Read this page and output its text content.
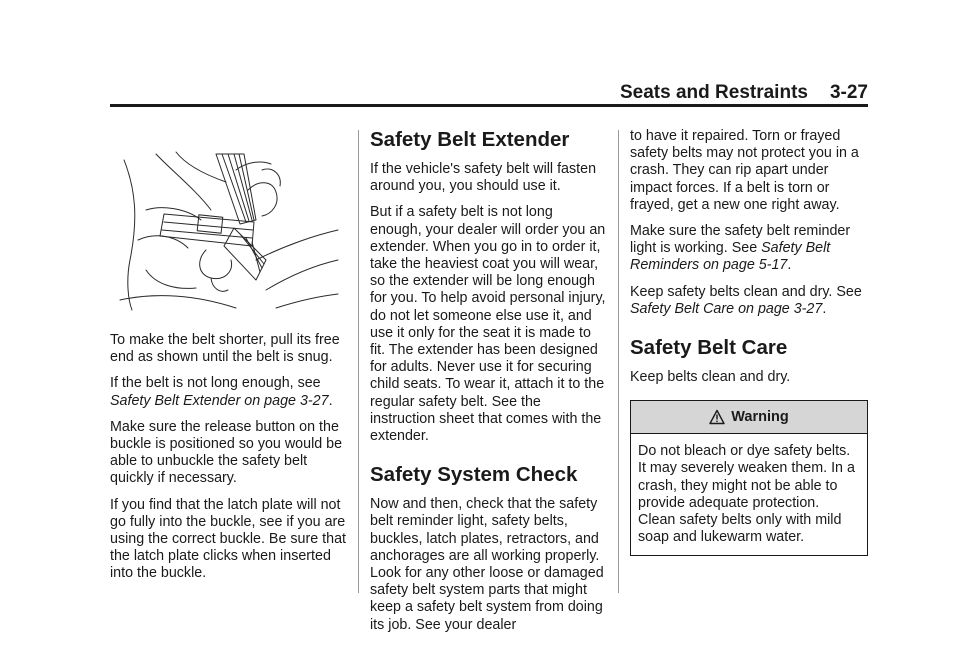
Seats and Restraints 3-27

To make the belt shorter, pull its free end as shown until the belt is snug.

If the belt is not long enough, see Safety Belt Extender on page 3-27.

Make sure the release button on the buckle is positioned so you would be able to unbuckle the safety belt quickly if necessary.

If you find that the latch plate will not go fully into the buckle, see if you are using the correct buckle. Be sure that the latch plate clicks when inserted into the buckle.

Safety Belt Extender

If the vehicle's safety belt will fasten around you, you should use it.

But if a safety belt is not long enough, your dealer will order you an extender. When you go in to order it, take the heaviest coat you will wear, so the extender will be long enough for you. To help avoid personal injury, do not let someone else use it, and use it only for the seat it is made to fit. The extender has been designed for adults. Never use it for securing child seats. To wear it, attach it to the regular safety belt. See the instruction sheet that comes with the extender.

Safety System Check

Now and then, check that the safety belt reminder light, safety belts, buckles, latch plates, retractors, and anchorages are all working properly. Look for any other loose or damaged safety belt system parts that might keep a safety belt system from doing its job. See your dealer

to have it repaired. Torn or frayed safety belts may not protect you in a crash. They can rip apart under impact forces. If a belt is torn or frayed, get a new one right away.

Make sure the safety belt reminder light is working. See Safety Belt Reminders on page 5-17.

Keep safety belts clean and dry. See Safety Belt Care on page 3-27.

Safety Belt Care

Keep belts clean and dry.

Warning

Do not bleach or dye safety belts. It may severely weaken them. In a crash, they might not be able to provide adequate protection. Clean safety belts only with mild soap and lukewarm water.
